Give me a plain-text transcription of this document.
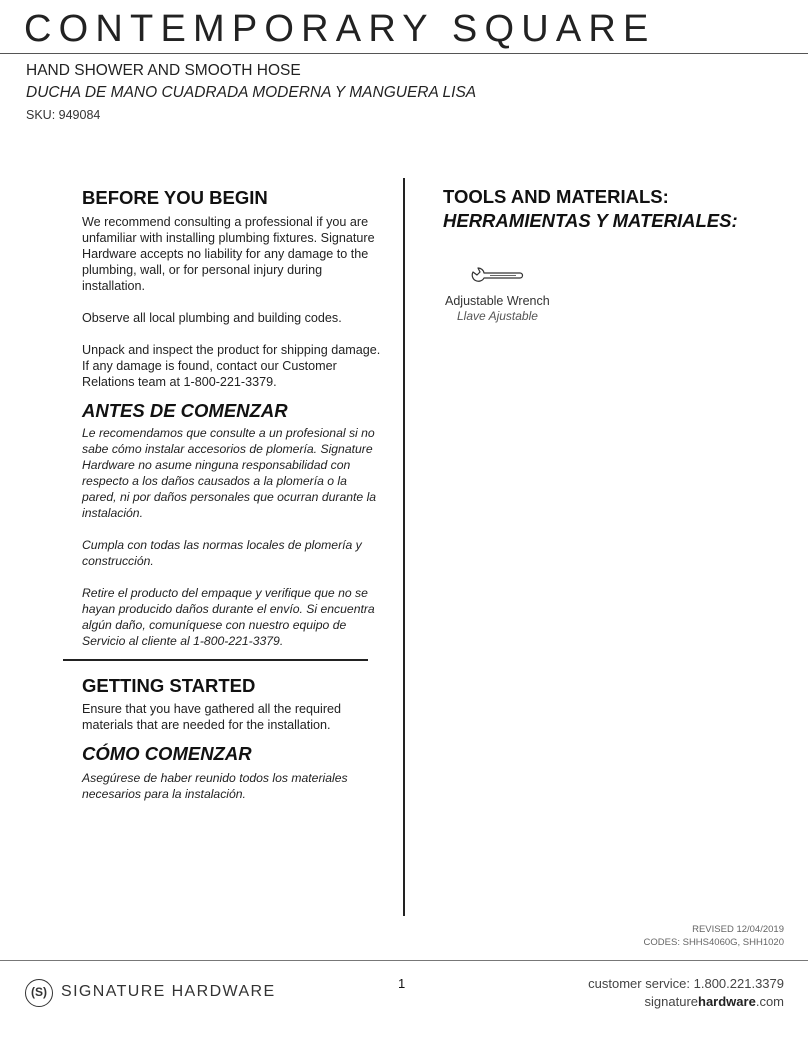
CONTEMPORARY SQUARE
HAND SHOWER AND SMOOTH HOSE
DUCHA DE MANO CUADRADA MODERNA Y MANGUERA LISA
SKU: 949084
BEFORE YOU BEGIN
We recommend consulting a professional if you are unfamiliar with installing plumbing fixtures. Signature Hardware accepts no liability for any damage to the plumbing, wall, or for personal injury during installation.
Observe all local plumbing and building codes.
Unpack and inspect the product for shipping damage. If any damage is found, contact our Customer Relations team at 1-800-221-3379.
ANTES DE COMENZAR
Le recomendamos que consulte a un profesional si no sabe cómo instalar accesorios de plomería. Signature Hardware no asume ninguna responsabilidad con respecto a los daños causados a la plomería o la pared, ni por daños personales que ocurran durante la instalación.
Cumpla con todas las normas locales de plomería y construcción.
Retire el producto del empaque y verifique que no se hayan producido daños durante el envío. Si encuentra algún daño, comuníquese con nuestro equipo de Servicio al cliente al 1-800-221-3379.
GETTING STARTED
Ensure that you have gathered all the required materials that are needed for the installation.
CÓMO COMENZAR
Asegúrese de haber reunido todos los materiales necesarios para la instalación.
TOOLS AND MATERIALS:
HERRAMIENTAS Y MATERIALES:
Adjustable Wrench
Llave Ajustable
REVISED 12/04/2019
CODES: SHHS4060G, SHH1020
(S) SIGNATURE HARDWARE	1	customer service: 1.800.221.3379
signaturehardware.com
